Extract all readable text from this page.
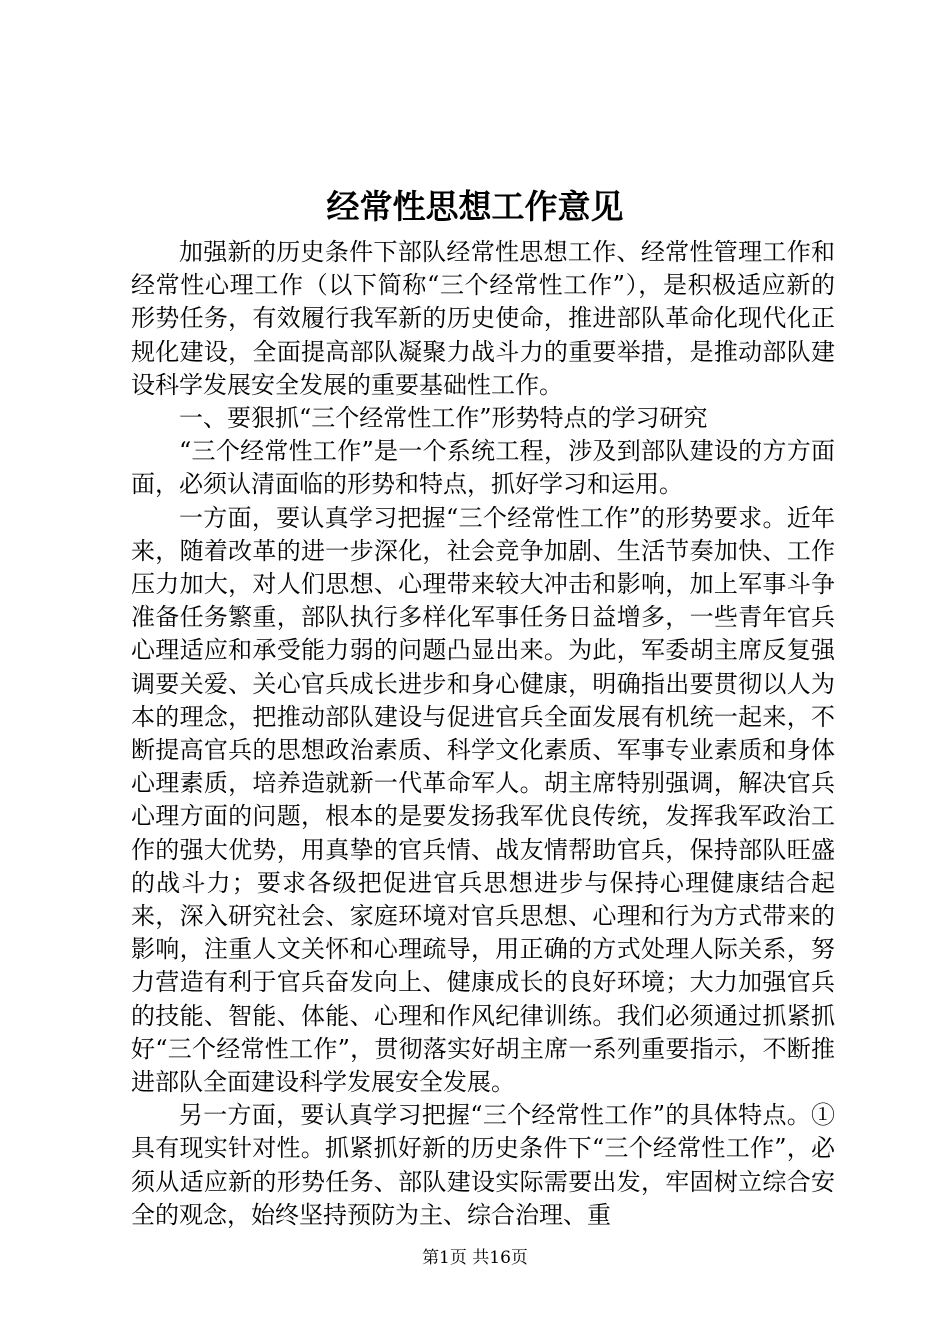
经常性思想工作意见

加强新的历史条件下部队经常性思想工作、经常性管理工作和经常性心理工作（以下简称“三个经常性工作”），是积极适应新的形势任务，有效履行我军新的历史使命，推进部队革命化现代化正规化建设，全面提高部队凝聚力战斗力的重要举措，是推动部队建设科学发展安全发展的重要基础性工作。

一、要狠抓“三个经常性工作”形势特点的学习研究

“三个经常性工作”是一个系统工程，涉及到部队建设的方方面面，必须认清面临的形势和特点，抓好学习和运用。

一方面，要认真学习把握“三个经常性工作”的形势要求。近年来，随着改革的进一步深化，社会竞争加剧、生活节奏加快、工作压力加大，对人们思想、心理带来较大冲击和影响，加上军事斗争准备任务繁重，部队执行多样化军事任务日益增多，一些青年官兵心理适应和承受能力弱的问题凸显出来。为此，军委胡主席反复强调要关爱、关心官兵成长进步和身心健康，明确指出要贯彻以人为本的理念，把推动部队建设与促进官兵全面发展有机统一起来，不断提高官兵的思想政治素质、科学文化素质、军事专业素质和身体心理素质，培养造就新一代革命军人。胡主席特别强调，解决官兵心理方面的问题，根本的是要发扬我军优良传统，发挥我军政治工作的强大优势，用真挚的官兵情、战友情帮助官兵，保持部队旺盛的战斗力；要求各级把促进官兵思想进步与保持心理健康结合起来，深入研究社会、家庭环境对官兵思想、心理和行为方式带来的影响，注重人文关怀和心理疏导，用正确的方式处理人际关系，努力营造有利于官兵奋发向上、健康成长的良好环境；大力加强官兵的技能、智能、体能、心理和作风纪律训练。我们必须通过抓紧抓好“三个经常性工作”，贯彻落实好胡主席一系列重要指示，不断推进部队全面建设科学发展安全发展。

另一方面，要认真学习把握“三个经常性工作”的具体特点。①具有现实针对性。抓紧抓好新的历史条件下“三个经常性工作”，必须从适应新的形势任务、部队建设实际需要出发，牢固树立综合安全的观念，始终坚持预防为主、综合治理、重

第1页 共16页
